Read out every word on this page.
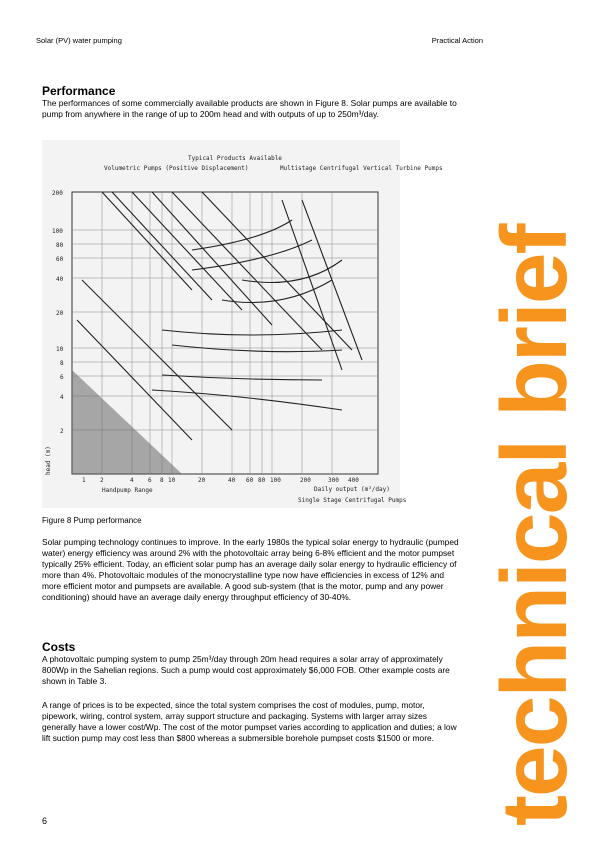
Solar (PV) water pumping	Practical Action
Performance

The performances of some commercially available products are shown in Figure 8. Solar pumps are available to pump from anywhere in the range of up to 200m head and with outputs of up to 250m³/day.

Typical Products Available
Volumetric Pumps (Positive Displacement)	Multistage Centrifugal Vertical Turbine Pumps
200
100
80
60
40
20
10
8
6
4
2
head (m)
1 2	4 6 8 10	20	40 60 80 100	200	300 400
Daily output (m³/day)
Handpump Range
Single Stage Centrifugal Pumps
Figure 8 Pump performance

Solar pumping technology continues to improve. In the early 1980s the typical solar energy to hydraulic (pumped water) energy efficiency was around 2% with the photovoltaic array being 6-8% efficient and the motor pumpset typically 25% efficient. Today, an efficient solar pump has an average daily solar energy to hydraulic efficiency of more than 4%. Photovoltaic modules of the monocrystalline type now have efficiencies in excess of 12% and more efficient motor and pumpsets are available. A good sub-system (that is the motor, pump and any power conditioning) should have an average daily energy throughput efficiency of 30-40%.

Costs

A photovoltaic pumping system to pump 25m³/day through 20m head requires a solar array of approximately 800Wp in the Sahelian regions. Such a pump would cost approximately $6,000 FOB. Other example costs are shown in Table 3.

A range of prices is to be expected, since the total system comprises the cost of modules, pump, motor, pipework, wiring, control system, array support structure and packaging. Systems with larger array sizes generally have a lower cost/Wp. The cost of the motor pumpset varies according to application and duties; a low lift suction pump may cost less than $800 whereas a submersible borehole pumpset costs $1500 or more. technical brief
6
